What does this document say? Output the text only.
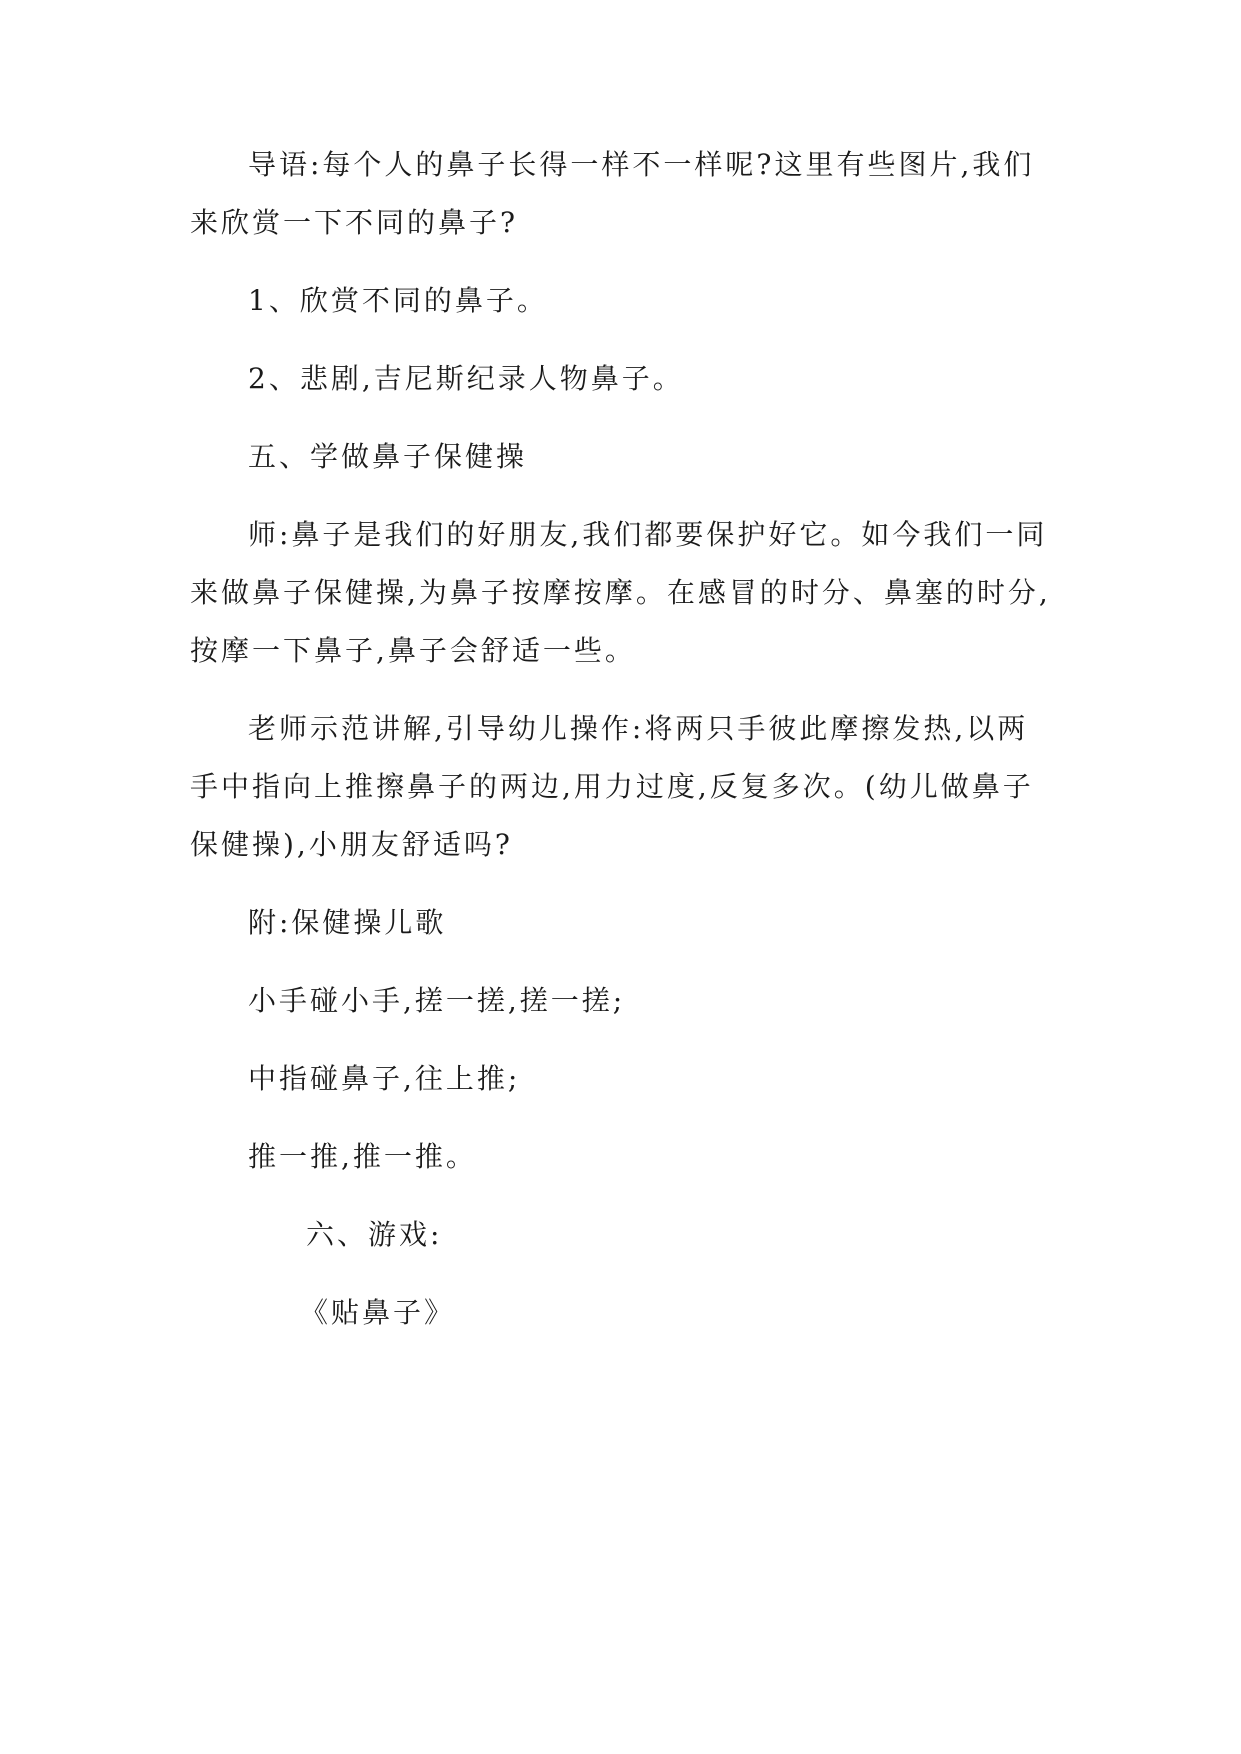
导语:每个人的鼻子长得一样不一样呢?这里有些图片,我们
来欣赏一下不同的鼻子?
1、欣赏不同的鼻子。
2、悲剧,吉尼斯纪录人物鼻子。
五、学做鼻子保健操
师:鼻子是我们的好朋友,我们都要保护好它。如今我们一同
来做鼻子保健操,为鼻子按摩按摩。在感冒的时分、鼻塞的时分,
按摩一下鼻子,鼻子会舒适一些。
老师示范讲解,引导幼儿操作:将两只手彼此摩擦发热,以两
手中指向上推擦鼻子的两边,用力过度,反复多次。(幼儿做鼻子
保健操),小朋友舒适吗?
附:保健操儿歌
小手碰小手,搓一搓,搓一搓;
中指碰鼻子,往上推;
推一推,推一推。
六、游戏:
《贴鼻子》
